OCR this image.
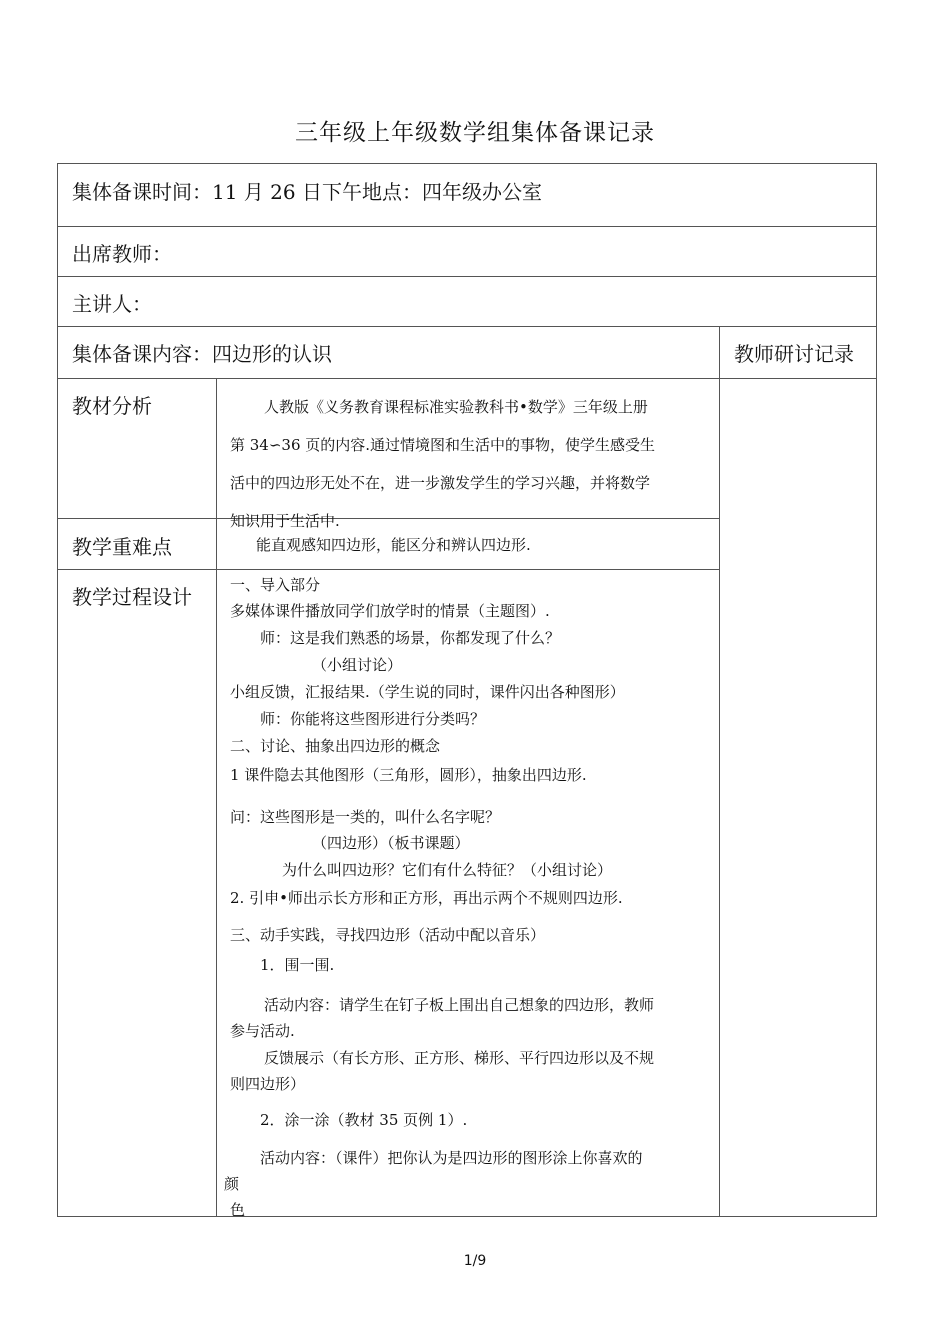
三年级上年级数学组集体备课记录
集体备课时间：11 月 26 日下午地点：四年级办公室
出席教师：
主讲人：
集体备课内容：四边形的认识	教师研讨记录
教材分析	人教版《义务教育课程标准实验教科书•数学》三年级上册
第 34∽36 页的内容.通过情境图和生活中的事物，使学生感受生
活中的四边形无处不在，进一步激发学生的学习兴趣，并将数学
知识用于生活中.
教学重难点	能直观感知四边形，能区分和辨认四边形.
教学过程设计	一、导入部分

多媒体课件播放同学们放学时的情景（主题图）.

师：这是我们熟悉的场景，你都发现了什么？

（小组讨论）

小组反馈，汇报结果.（学生说的同时，课件闪出各种图形）

师：你能将这些图形进行分类吗？

二、讨论、抽象出四边形的概念

1 课件隐去其他图形（三角形，圆形），抽象出四边形.

问：这些图形是一类的，叫什么名字呢？

（四边形）（板书课题）

为什么叫四边形？它们有什么特征？（小组讨论）

2. 引申•师出示长方形和正方形，再出示两个不规则四边形.

三、动手实践，寻找四边形（活动中配以音乐）

1．围一围.

活动内容：请学生在钉子板上围出自己想象的四边形，教师

参与活动.

反馈展示（有长方形、正方形、梯形、平行四边形以及不规

则四边形）

2．涂一涂（教材 35 页例 1）.

活动内容：（课件）把你认为是四边形的图形涂上你喜欢的

颜

色

1/9
